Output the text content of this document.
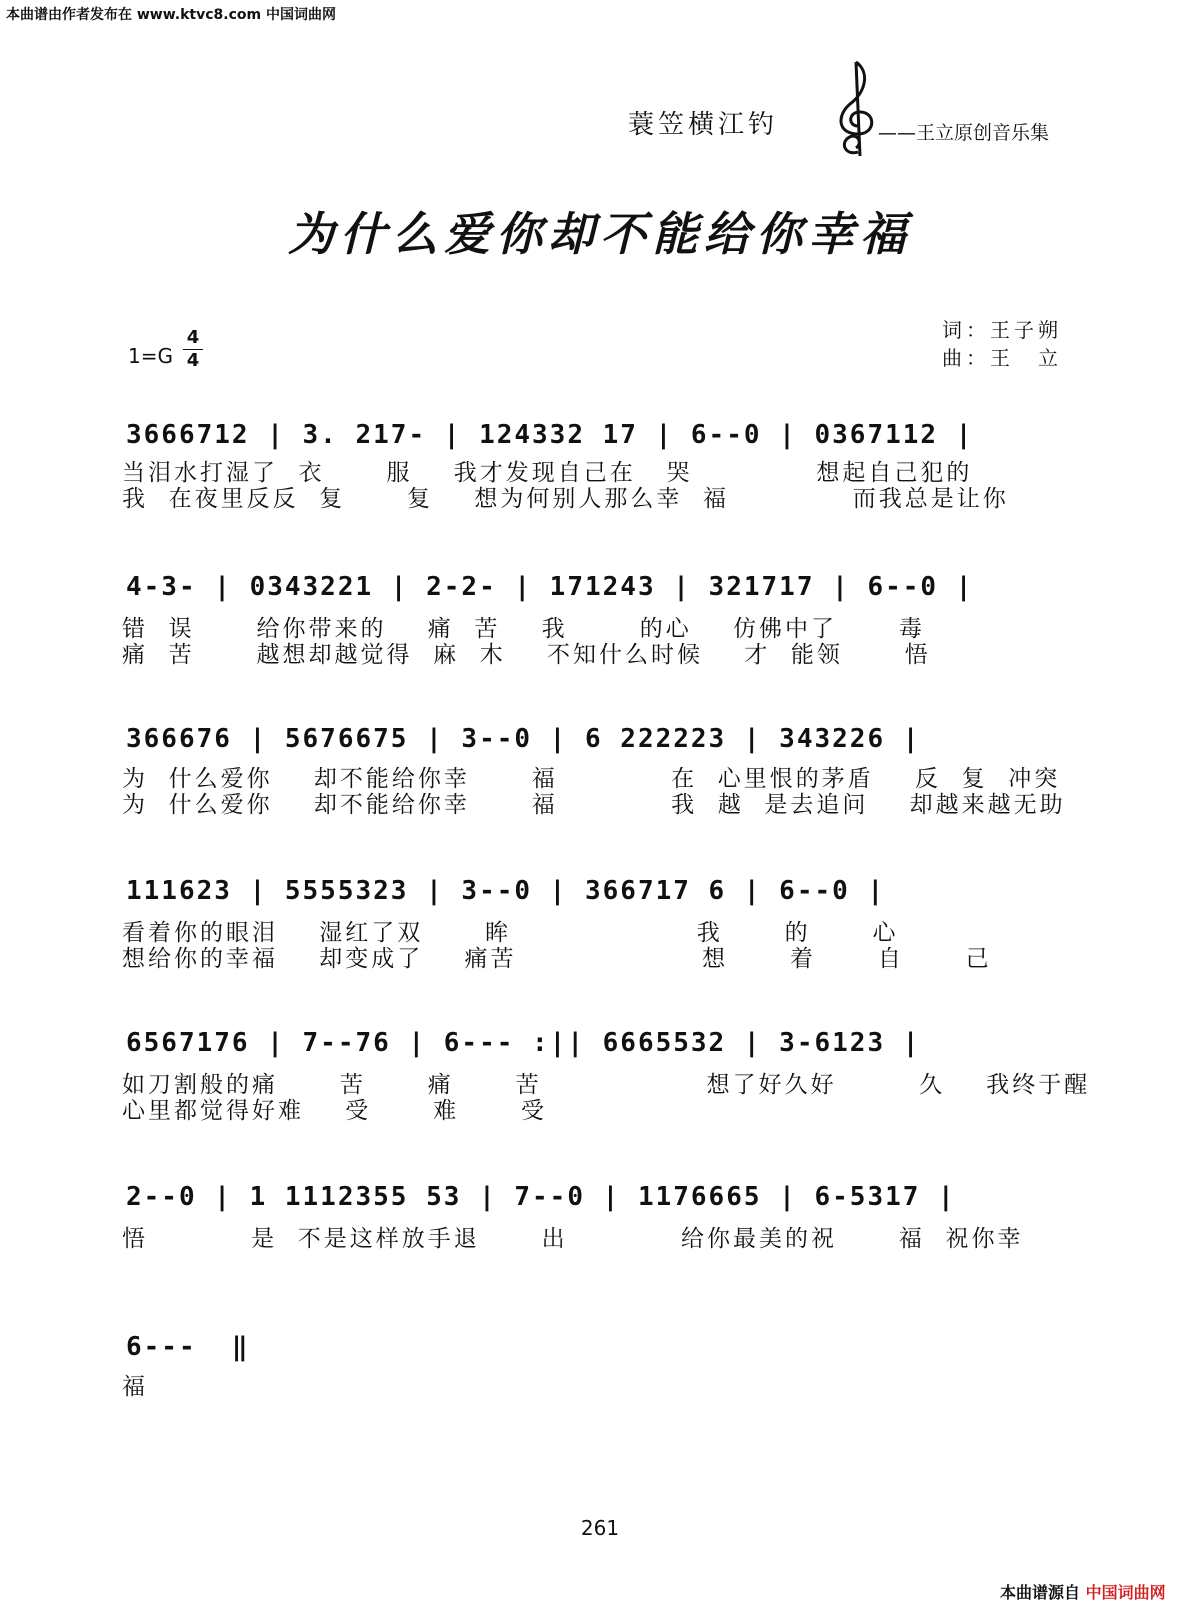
本曲谱由作者发布在 www.ktvc8.com 中国词曲网
蓑笠横江钓	——王立原创音乐集
为什么爱你却不能给你幸福
1=G
4
4
词：王子朔
曲：王　立
3666712 | 3. 217- | 124332 17 | 6--0 | 0367112 |
当泪水打湿了  衣      服    我才发现自己在   哭            想起自己犯的
我  在夜里反反  复      复    想为何别人那么幸  福            而我总是让你
4-3- | 0343221 | 2-2- | 171243 | 321717 | 6--0 |
错  误      给你带来的    痛  苦    我       的心    仿佛中了      毒
痛  苦      越想却越觉得  麻  木    不知什么时候    才  能领      悟
366676 | 5676675 | 3--0 | 6 222223 | 343226 |
为  什么爱你    却不能给你幸      福           在  心里恨的茅盾    反  复  冲突
为  什么爱你    却不能给你幸      福           我  越  是去追问    却越来越无助
111623 | 5555323 | 3--0 | 366717 6 | 6--0 |
看着你的眼泪    湿红了双      眸                  我      的      心
想给你的幸福    却变成了    痛苦                  想      着      自      己
6567176 | 7--76 | 6--- :|| 6665532 | 3-6123 |
如刀割般的痛      苦      痛      苦                想了好久好        久    我终于醒
心里都觉得好难    受      难      受
2--0 | 1 1112355 53 | 7--0 | 1176665 | 6-5317 |
悟          是  不是这样放手退      出           给你最美的祝      福  祝你幸
6---  ‖
福
261
本曲谱源自 中国词曲网
